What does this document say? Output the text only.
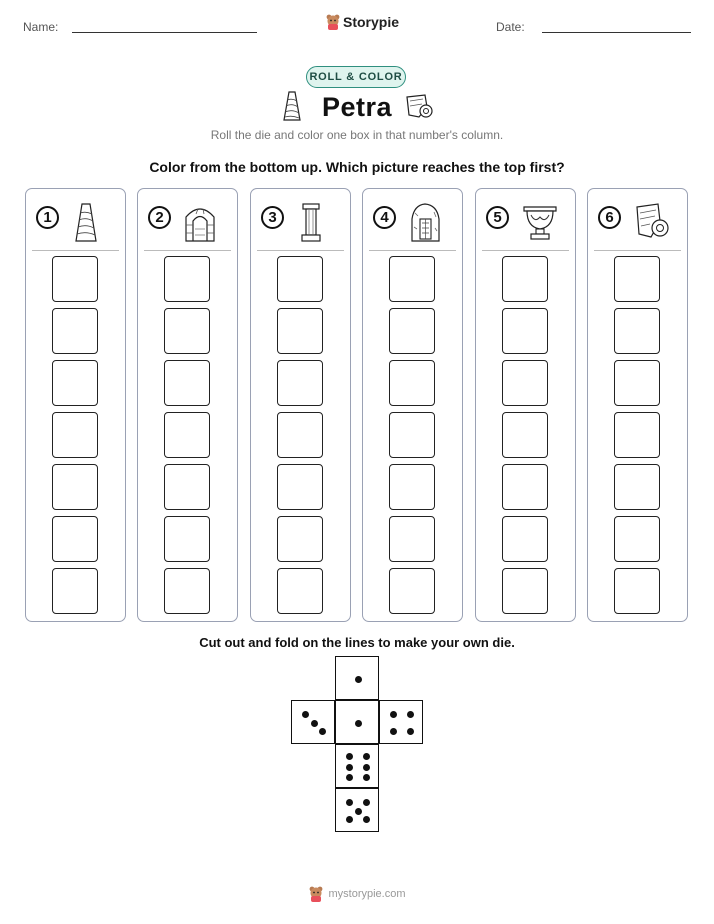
Name:	Storypie	Date:
ROLL & COLOR
Petra
Roll the die and color one box in that number's column.
Color from the bottom up. Which picture reaches the top first?
1	2	3	4	5	6
Cut out and fold on the lines to make your own die.
mystorypie.com
